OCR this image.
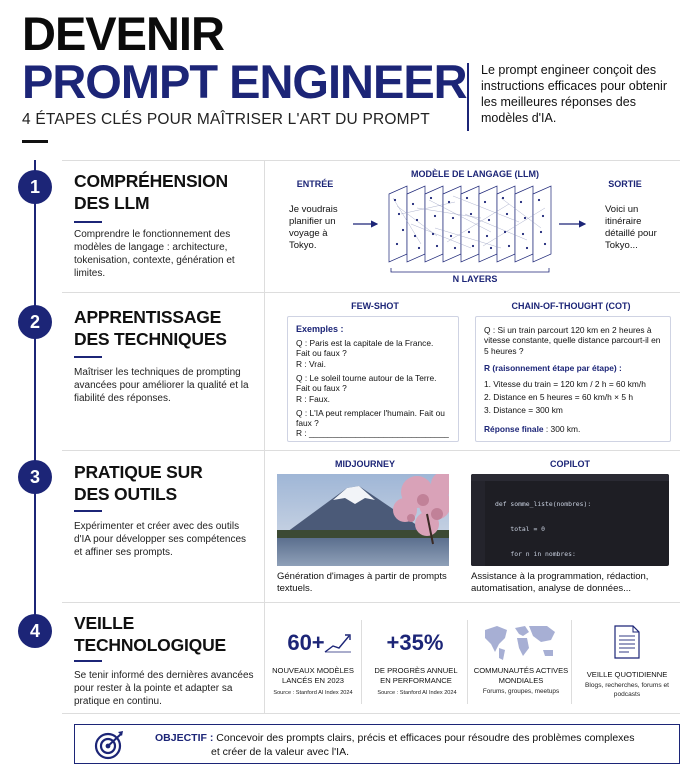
DEVENIR
PROMPT ENGINEER
4 ÉTAPES CLÉS POUR MAÎTRISER L'ART DU PROMPT
Le prompt engineer conçoit des instructions efficaces pour obtenir les meilleures réponses des modèles d'IA.
1
2
3
4
COMPRÉHENSION
DES LLM
Comprendre le fonctionnement des modèles de langage : architecture, tokenisation, contexte, génération et limites.
MODÈLE DE LANGAGE (LLM)
ENTRÉE
Je voudrais planifier un voyage à Tokyo.
SORTIE
Voici un itinéraire détaillé pour Tokyo...
N LAYERS
APPRENTISSAGE
DES TECHNIQUES
Maîtriser les techniques de prompting avancées pour améliorer la qualité et la fiabilité des réponses.
FEW-SHOT	CHAIN-OF-THOUGHT (COT)
Exemples :
Q : Paris est la capitale de la France. Fait ou faux ?
R : Vrai.
Q : Le soleil tourne autour de la Terre. Fait ou faux ?
R : Faux.
Q : L'IA peut remplacer l'humain. Fait ou faux ?
R : ______________________________
Q : Si un train parcourt 120 km en 2 heures à vitesse constante, quelle distance parcourt-il en 5 heures ?
R (raisonnement étape par étape) :
1. Vitesse du train = 120 km / 2 h = 60 km/h
2. Distance en 5 heures = 60 km/h × 5 h
3. Distance = 300 km
Réponse finale : 300 km.
PRATIQUE SUR
DES OUTILS
Expérimenter et créer avec des outils d'IA pour développer ses compétences et affiner ses prompts.
MIDJOURNEY	COPILOT

def somme_liste(nombres):

total = 0

for n in nombres:

Génération d'images à partir de prompts textuels.
Assistance à la programmation, rédaction, automatisation, analyse de données...
VEILLE
TECHNOLOGIQUE
Se tenir informé des dernières avancées pour rester à la pointe et adapter sa pratique en continu.
60+
NOUVEAUX MODÈLES LANCÉS EN 2023
Source : Stanford AI Index 2024
+35%
DE PROGRÈS ANNUEL EN PERFORMANCE
Source : Stanford AI Index 2024
COMMUNAUTÉS ACTIVES MONDIALES
Forums, groupes, meetups
VEILLE QUOTIDIENNE
Blogs, recherches, forums et podcasts
OBJECTIF : Concevoir des prompts clairs, précis et efficaces pour résoudre des problèmes complexes
et créer de la valeur avec l'IA.
